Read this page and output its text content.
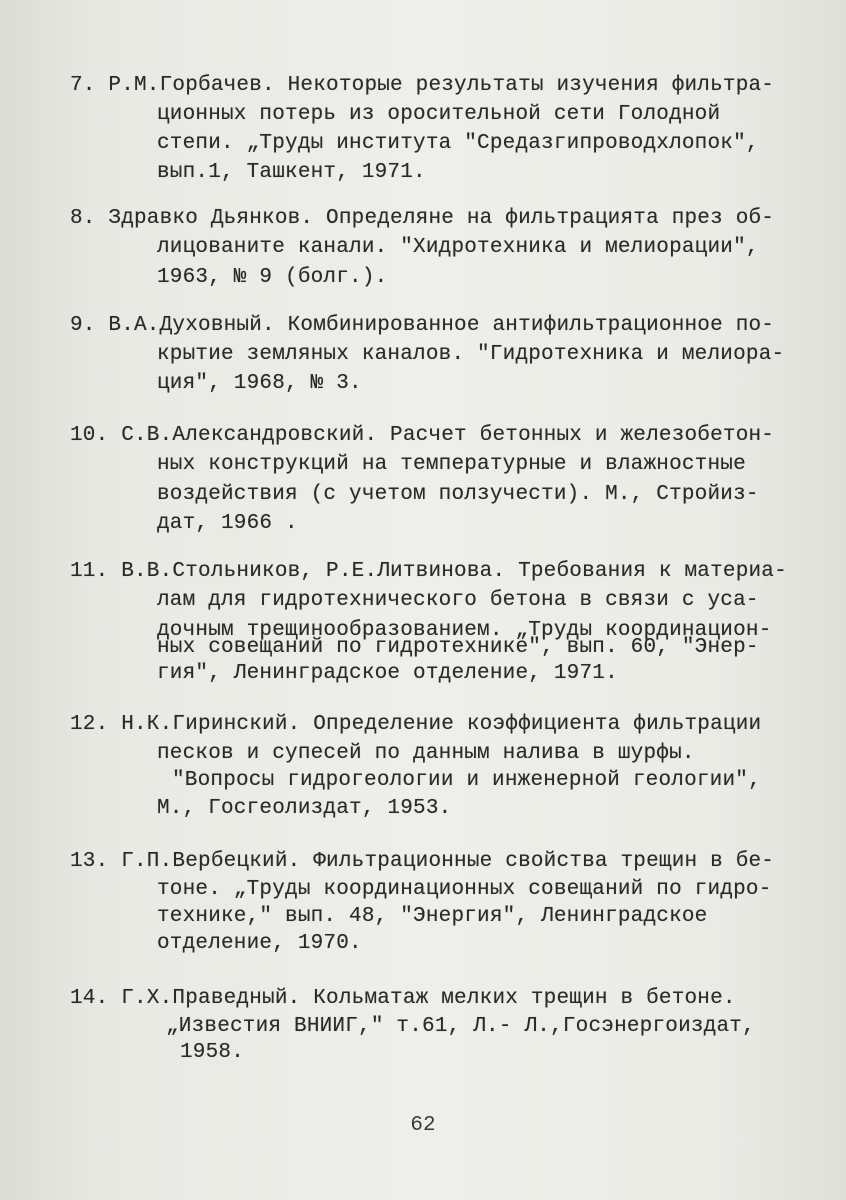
7. Р.М.Горбачев. Некоторые результаты изучения фильтра-
ционных потерь из оросительной сети Голодной
степи. „Труды института "Средазгипроводхлопок",
вып.1, Ташкент, 1971.
8. Здравко Дьянков. Определяне на фильтрацията през об-
лицованите канали. "Хидротехника и мелиорации",
1963, № 9 (болг.).
9. В.А.Духовный. Комбинированное антифильтрационное по-
крытие земляных каналов. "Гидротехника и мелиора-
ция", 1968, № 3.
10. С.В.Александровский. Расчет бетонных и железобетон-
ных конструкций на температурные и влажностные
воздействия (с учетом ползучести). М., Стройиз-
дат, 1966 .
11. В.В.Стольников, Р.Е.Литвинова. Требования к материа-
лам для гидротехнического бетона в связи с уса-
дочным трещинообразованием. „Труды координацион-
ных совещаний по гидротехнике", вып. 60, "Энер-
гия", Ленинградское отделение, 1971.
12. Н.К.Гиринский. Определение коэффициента фильтрации
песков и супесей по данным налива в шурфы.
"Вопросы гидрогеологии и инженерной геологии",
М., Госгеолиздат, 1953.
13. Г.П.Вербецкий. Фильтрационные свойства трещин в бе-
тоне. „Труды координационных совещаний по гидро-
технике," вып. 48, "Энергия", Ленинградское
отделение, 1970.
14. Г.Х.Праведный. Кольматаж мелких трещин в бетоне.
„Известия ВНИИГ," т.61, Л.- Л.,Госэнергоиздат,
1958.
62
